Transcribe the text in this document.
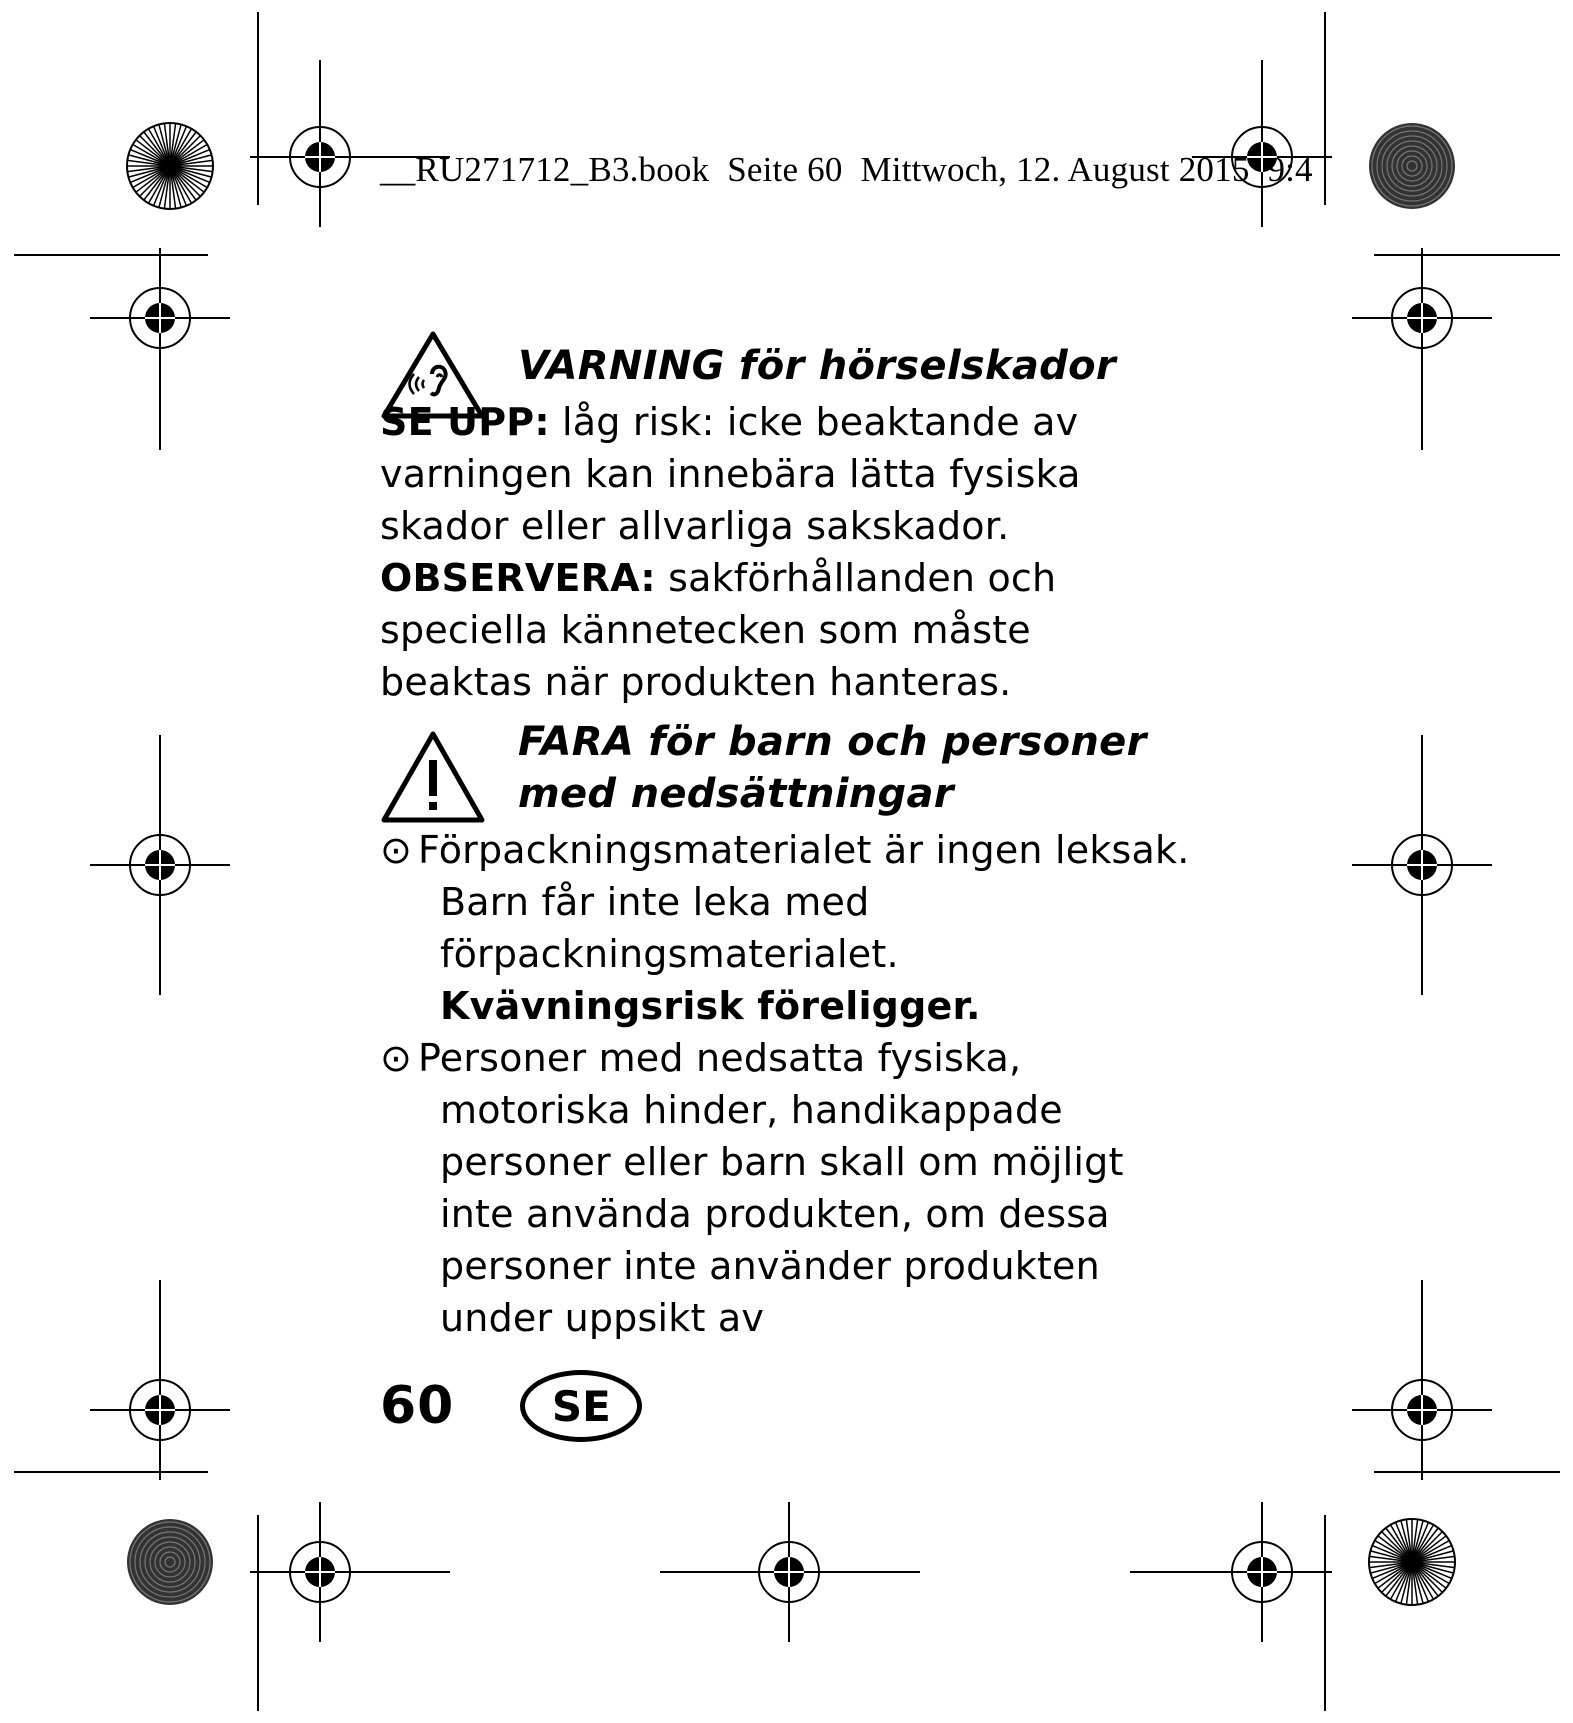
__RU271712_B3.book Seite 60 Mittwoch, 12. August 2015 9:4
VARNING för hörselskador
SE UPP: låg risk: icke beaktande av varningen kan innebära lätta fysiska skador eller allvarliga sakskador.
OBSERVERA: sakförhållanden och speciella kännetecken som måste beaktas när produkten hanteras.
FARA för barn och personer
med nedsättningar
⊙ Förpackningsmaterialet är ingen leksak. Barn får inte leka med förpackningsmaterialet. Kvävningsrisk föreligger.
⊙ Personer med nedsatta fysiska, motoriska hinder, handikappade personer eller barn skall om möjligt inte använda produkten, om dessa personer inte använder produkten under uppsikt av
60	SE
